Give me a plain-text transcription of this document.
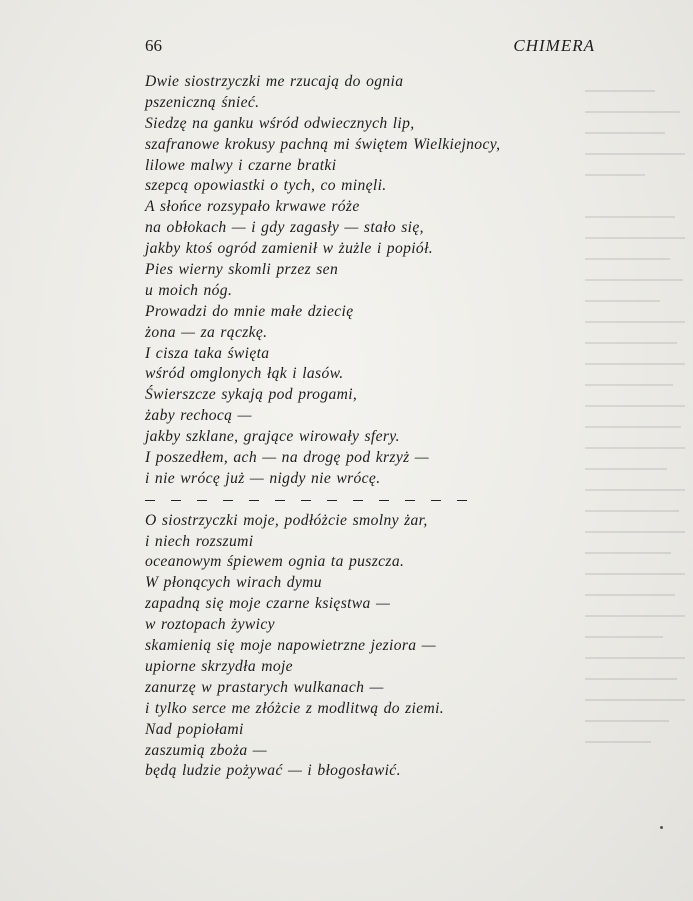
66	CHIMERA
Dwie siostrzyczki me rzucają do ognia
pszeniczną śnieć.
Siedzę na ganku wśród odwiecznych lip,
szafranowe krokusy pachną mi świętem Wielkiejnocy,
lilowe malwy i czarne bratki
szepcą opowiastki o tych, co minęli.
A słońce rozsypało krwawe róże
na obłokach — i gdy zagasły — stało się,
jakby ktoś ogród zamienił w żużle i popiół.
Pies wierny skomli przez sen
u moich nóg.
Prowadzi do mnie małe dziecię
żona — za rączkę.
I cisza taka święta
wśród omglonych łąk i lasów.
Świerszcze sykają pod progami,
żaby rechocą —
jakby szklane, grające wirowały sfery.
I poszedłem, ach — na drogę pod krzyż —
i nie wrócę już — nigdy nie wrócę.
O siostrzyczki moje, podłóżcie smolny żar,
i niech rozszumi
oceanowym śpiewem ognia ta puszcza.
W płonących wirach dymu
zapadną się moje czarne księstwa —
w roztopach żywicy
skamienią się moje napowietrzne jeziora —
upiorne skrzydła moje
zanurzę w prastarych wulkanach —
i tylko serce me złóżcie z modlitwą do ziemi.
Nad popiołami
zaszumią zboża —
będą ludzie pożywać — i błogosławić.
